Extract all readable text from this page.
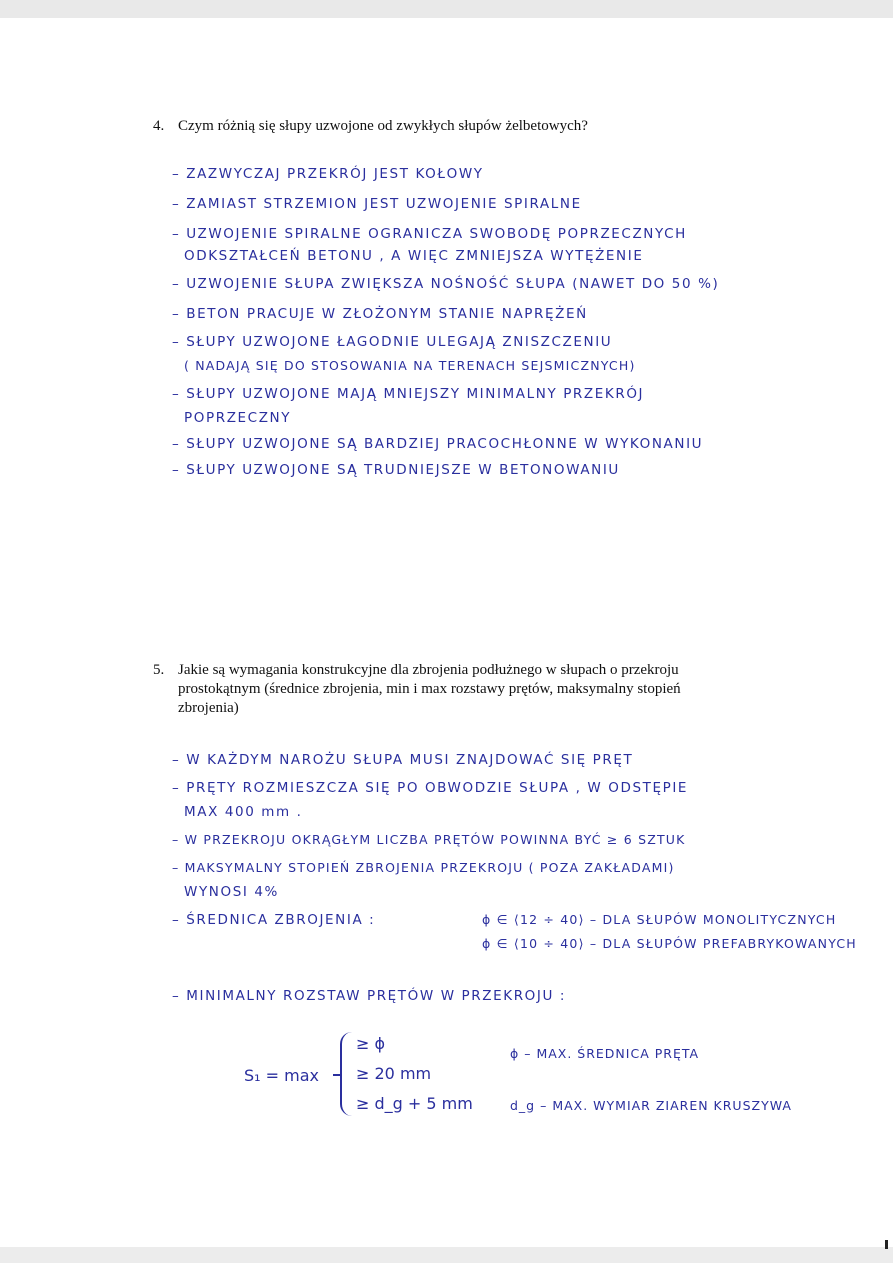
4. Czym różnią się słupy uzwojone od zwykłych słupów żelbetowych?

– ZAZWYCZAJ PRZEKRÓJ JEST KOŁOWY

– ZAMIAST STRZEMION JEST UZWOJENIE SPIRALNE

– UZWOJENIE SPIRALNE OGRANICZA SWOBODĘ POPRZECZNYCH

ODKSZTAŁCEŃ BETONU , A WIĘC ZMNIEJSZA WYTĘŻENIE

– UZWOJENIE SŁUPA ZWIĘKSZA NOŚNOŚĆ SŁUPA (NAWET DO 50 %)

– BETON PRACUJE W ZŁOŻONYM STANIE NAPRĘŻEŃ

– SŁUPY UZWOJONE ŁAGODNIE ULEGAJĄ ZNISZCZENIU

( NADAJĄ SIĘ DO STOSOWANIA NA TERENACH SEJSMICZNYCH)

– SŁUPY UZWOJONE MAJĄ MNIEJSZY MINIMALNY PRZEKRÓJ

POPRZECZNY

– SŁUPY UZWOJONE SĄ BARDZIEJ PRACOCHŁONNE W WYKONANIU

– SŁUPY UZWOJONE SĄ TRUDNIEJSZE W BETONOWANIU

5. Jakie są wymagania konstrukcyjne dla zbrojenia podłużnego w słupach o przekroju
prostokątnym (średnice zbrojenia, min i max rozstawy prętów, maksymalny stopień
zbrojenia)

– W KAŻDYM NAROŻU SŁUPA MUSI ZNAJDOWAĆ SIĘ PRĘT

– PRĘTY ROZMIESZCZA SIĘ PO OBWODZIE SŁUPA , W ODSTĘPIE

MAX 400 mm .

– W PRZEKROJU OKRĄGŁYM LICZBA PRĘTÓW POWINNA BYĆ ≥ 6 SZTUK

– MAKSYMALNY STOPIEŃ ZBROJENIA PRZEKROJU ( POZA ZAKŁADAMI)

WYNOSI 4%

– ŚREDNICA ZBROJENIA :	ϕ ∈ ⟨12 ÷ 40⟩ – DLA SŁUPÓW MONOLITYCZNYCH

ϕ ∈ ⟨10 ÷ 40⟩ – DLA SŁUPÓW PREFABRYKOWANYCH

– MINIMALNY ROZSTAW PRĘTÓW W PRZEKROJU :

S₁ = max
≥ ϕ
≥ 20 mm
≥ d_g + 5 mm
ϕ – MAX. ŚREDNICA PRĘTA
d_g – MAX. WYMIAR ZIAREN KRUSZYWA
